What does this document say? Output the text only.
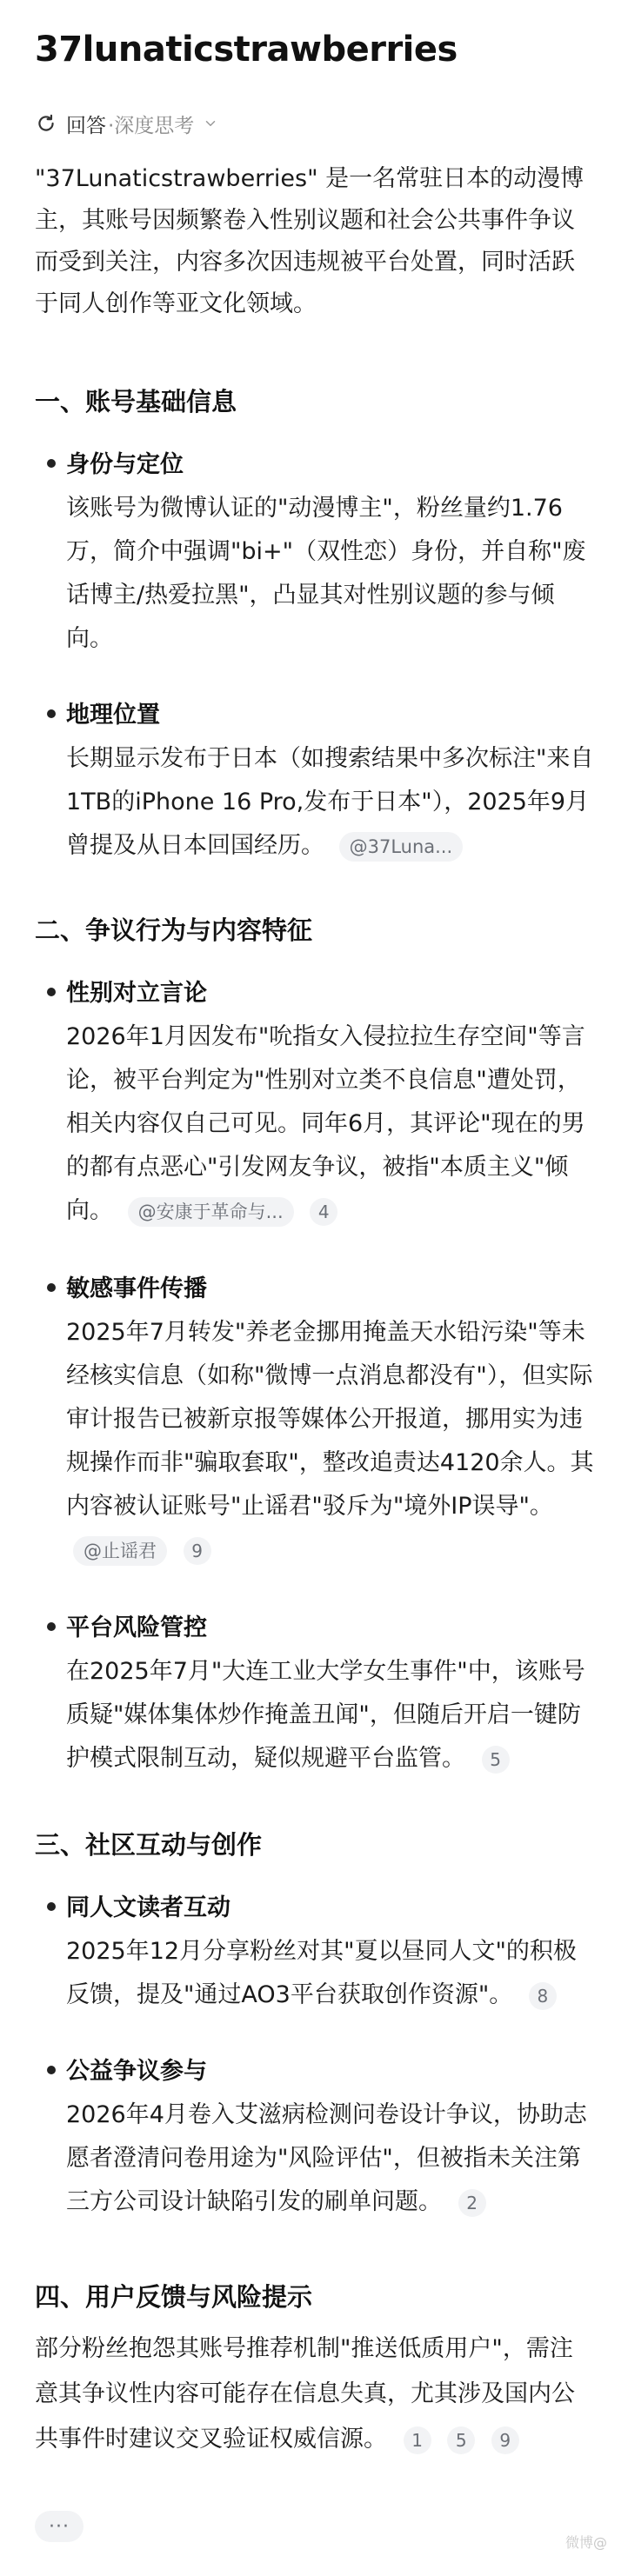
37lunaticstrawberries
回答 ·深度思考
"37Lunaticstrawberries" 是一名常驻日本的动漫博主，其账号因频繁卷入性别议题和社会公共事件争议而受到关注，内容多次因违规被平台处置，同时活跃于同人创作等亚文化领域。
一、账号基础信息
身份与定位
该账号为微博认证的"动漫博主"，粉丝量约1.76万，简介中强调"bi+"（双性恋）身份，并自称"废话博主/热爱拉黑"，凸显其对性别议题的参与倾向。
地理位置
长期显示发布于日本（如搜索结果中多次标注"来自1TB的iPhone 16 Pro,发布于日本"），2025年9月曾提及从日本回国经历。 @37Luna...
二、争议行为与内容特征
性别对立言论
2026年1月因发布"吮指女入侵拉拉生存空间"等言论，被平台判定为"性别对立类不良信息"遭处罚，相关内容仅自己可见。同年6月，其评论"现在的男的都有点恶心"引发网友争议，被指"本质主义"倾向。 @安康于革命与... 4
敏感事件传播
2025年7月转发"养老金挪用掩盖天水铅污染"等未经核实信息（如称"微博一点消息都没有"），但实际审计报告已被新京报等媒体公开报道，挪用实为违规操作而非"骗取套取"，整改追责达4120余人。其内容被认证账号"止谣君"驳斥为"境外IP误导"。 @止谣君 9
平台风险管控
在2025年7月"大连工业大学女生事件"中，该账号质疑"媒体集体炒作掩盖丑闻"，但随后开启一键防护模式限制互动，疑似规避平台监管。 5
三、社区互动与创作
同人文读者互动
2025年12月分享粉丝对其"夏以昼同人文"的积极反馈，提及"通过AO3平台获取创作资源"。 8
公益争议参与
2026年4月卷入艾滋病检测问卷设计争议，协助志愿者澄清问卷用途为"风险评估"，但被指未关注第三方公司设计缺陷引发的刷单问题。 2
四、用户反馈与风险提示
部分粉丝抱怨其账号推荐机制"推送低质用户"，需注意其争议性内容可能存在信息失真，尤其涉及国内公共事件时建议交叉验证权威信源。 1 5 9
···
微博@
